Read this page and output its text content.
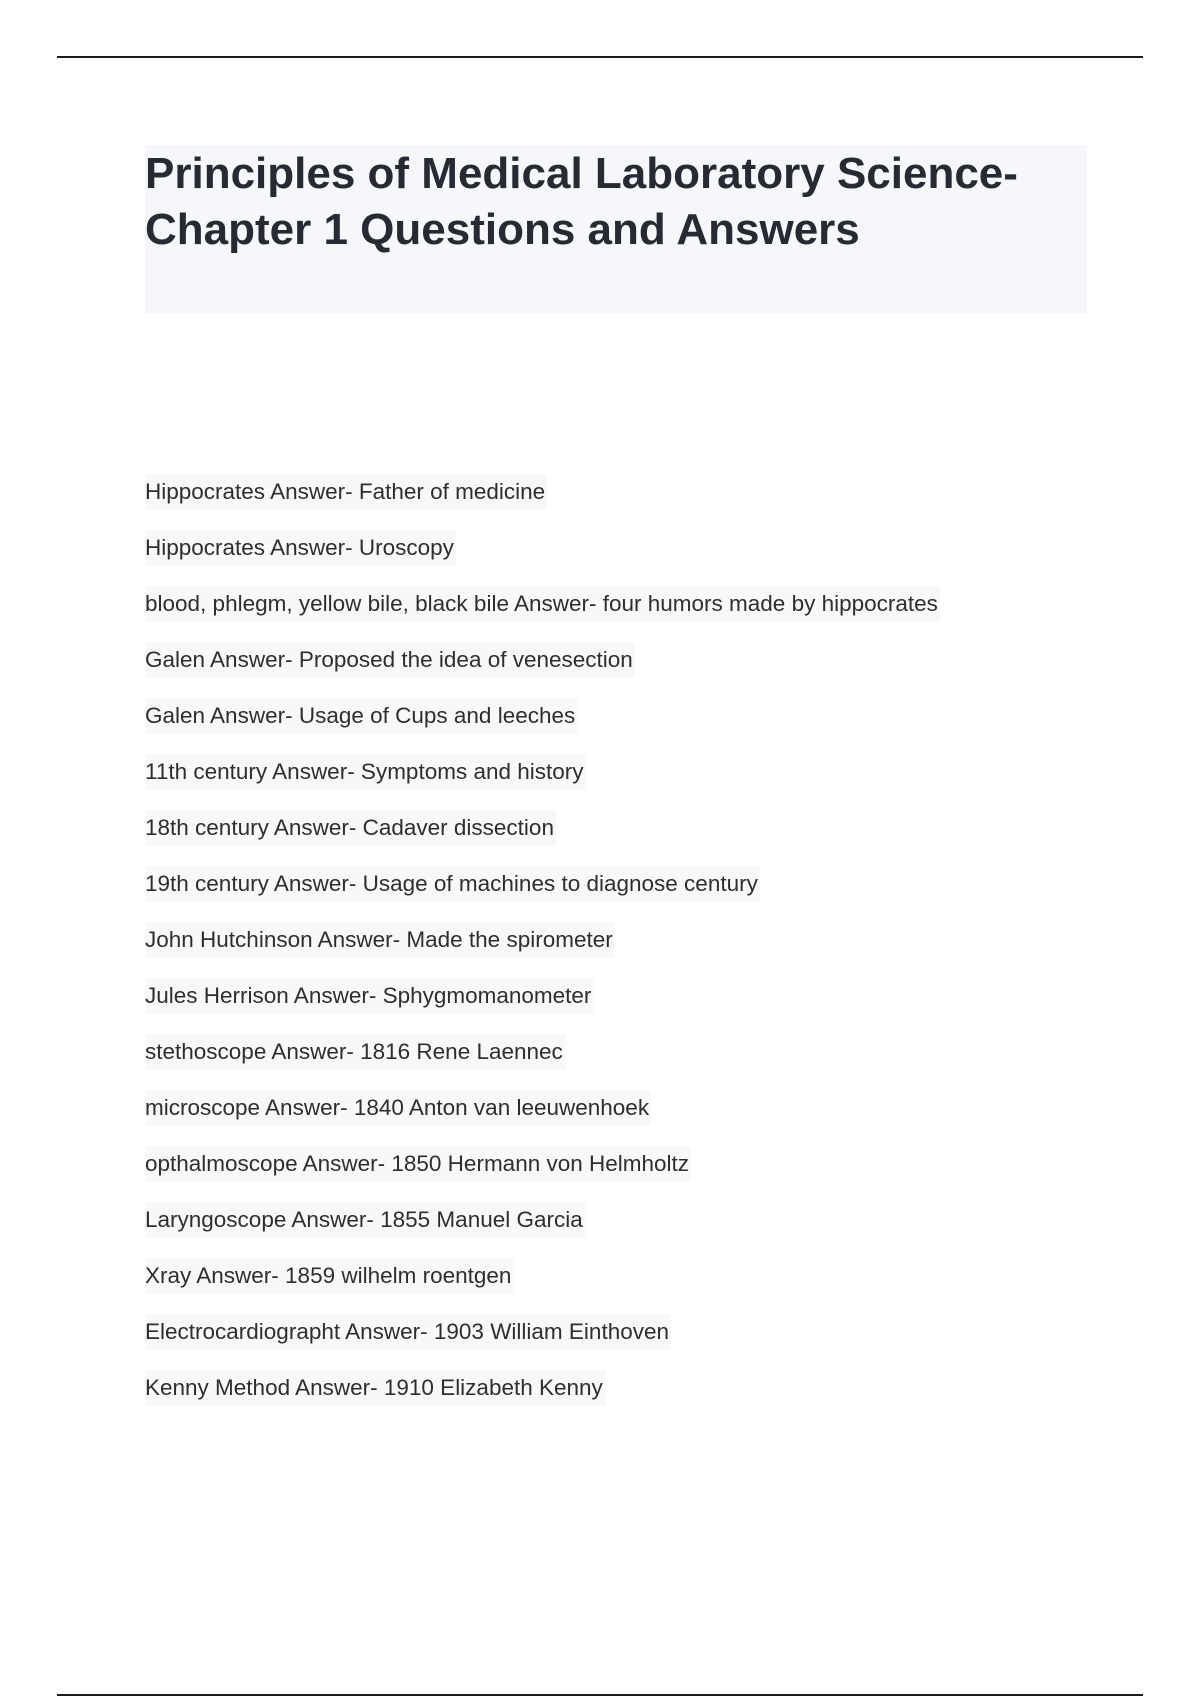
Principles of Medical Laboratory Science- Chapter 1 Questions and Answers
Hippocrates Answer- Father of medicine
Hippocrates Answer- Uroscopy
blood, phlegm, yellow bile, black bile Answer- four humors made by hippocrates
Galen Answer- Proposed the idea of venesection
Galen Answer- Usage of Cups and leeches
11th century Answer- Symptoms and history
18th century Answer- Cadaver dissection
19th century Answer- Usage of machines to diagnose century
John Hutchinson Answer- Made the spirometer
Jules Herrison Answer- Sphygmomanometer
stethoscope Answer- 1816 Rene Laennec
microscope Answer- 1840 Anton van leeuwenhoek
opthalmoscope Answer- 1850 Hermann von Helmholtz
Laryngoscope Answer- 1855 Manuel Garcia
Xray Answer- 1859 wilhelm roentgen
Electrocardiographt Answer- 1903 William Einthoven
Kenny Method Answer- 1910 Elizabeth Kenny
